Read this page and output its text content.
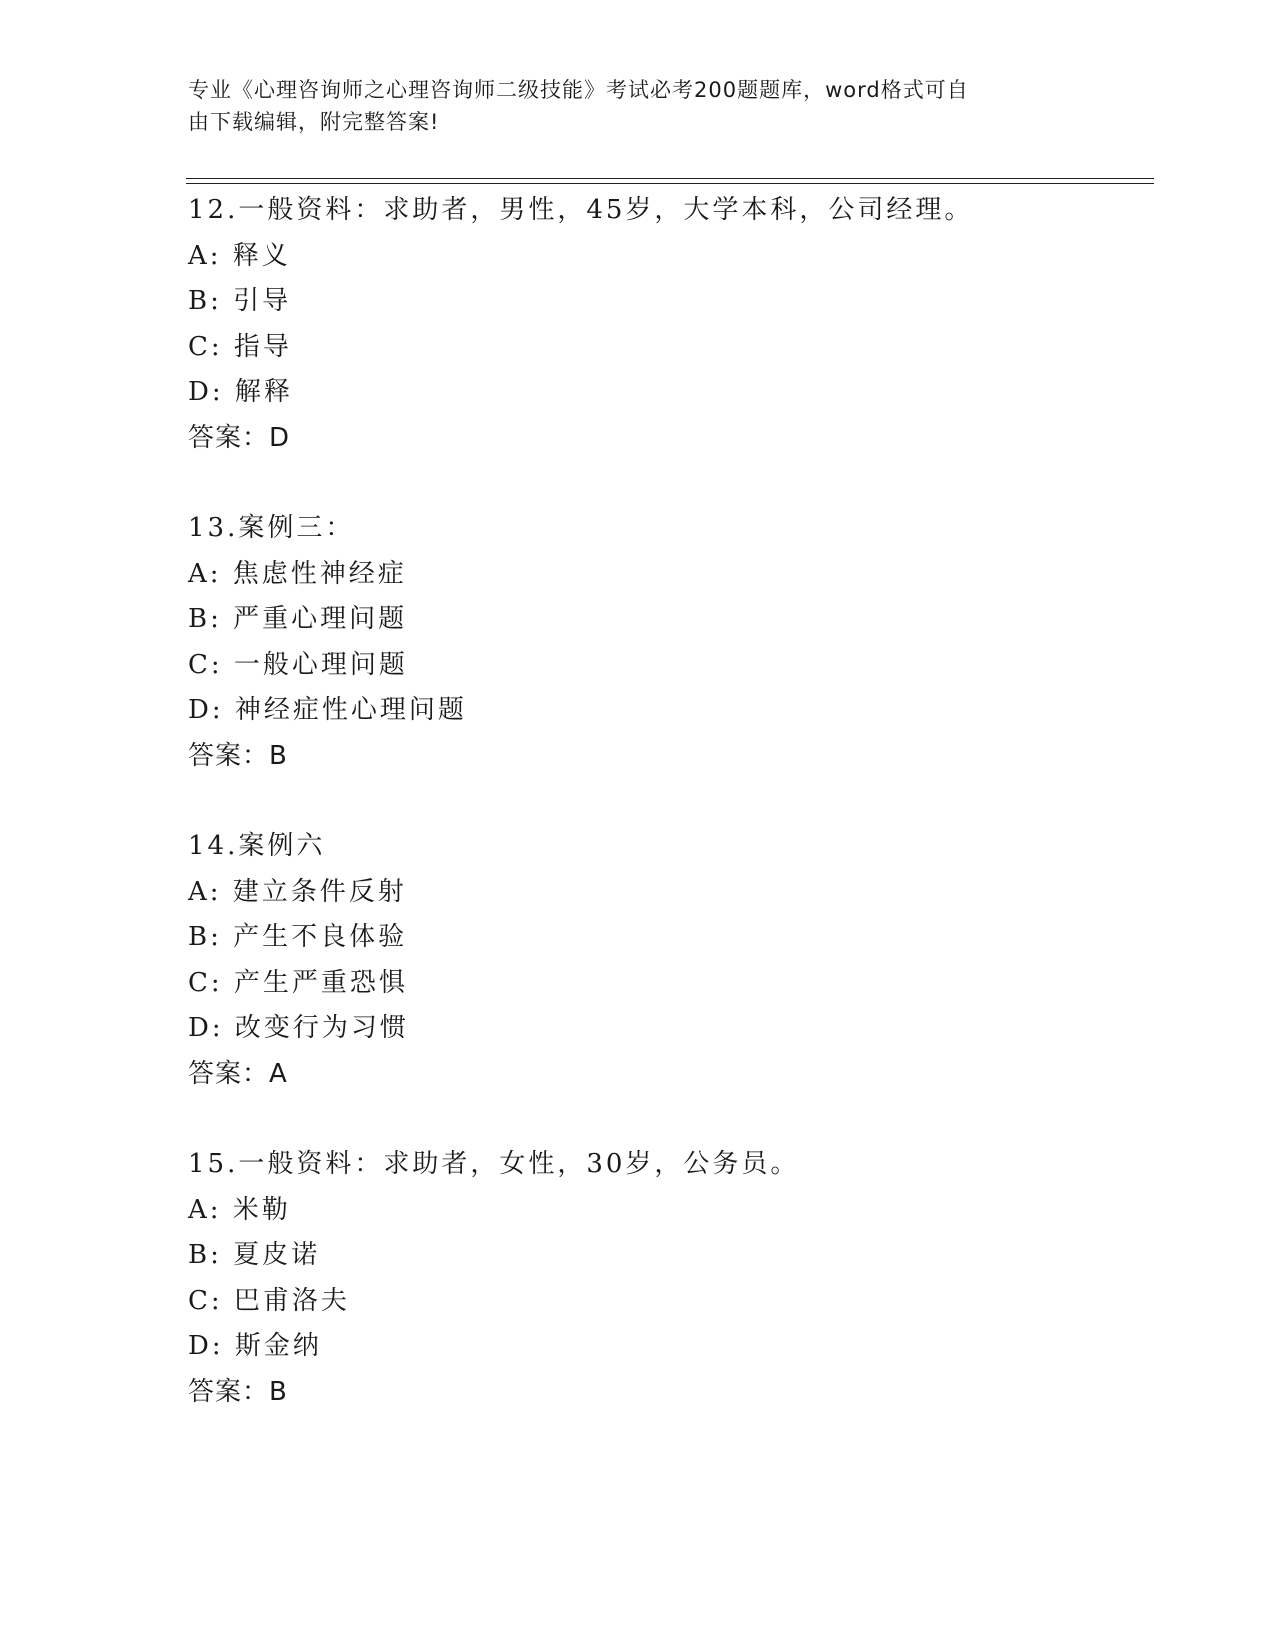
专业《心理咨询师之心理咨询师二级技能》考试必考200题题库，word格式可自
由下载编辑，附完整答案!
12.一般资料：求助者，男性，45岁，大学本科，公司经理。
A: 释义
B: 引导
C: 指导
D: 解释
答案：D
13.案例三：
A: 焦虑性神经症
B: 严重心理问题
C: 一般心理问题
D: 神经症性心理问题
答案：B
14.案例六
A: 建立条件反射
B: 产生不良体验
C: 产生严重恐惧
D: 改变行为习惯
答案：A
15.一般资料：求助者，女性，30岁，公务员。
A: 米勒
B: 夏皮诺
C: 巴甫洛夫
D: 斯金纳
答案：B
